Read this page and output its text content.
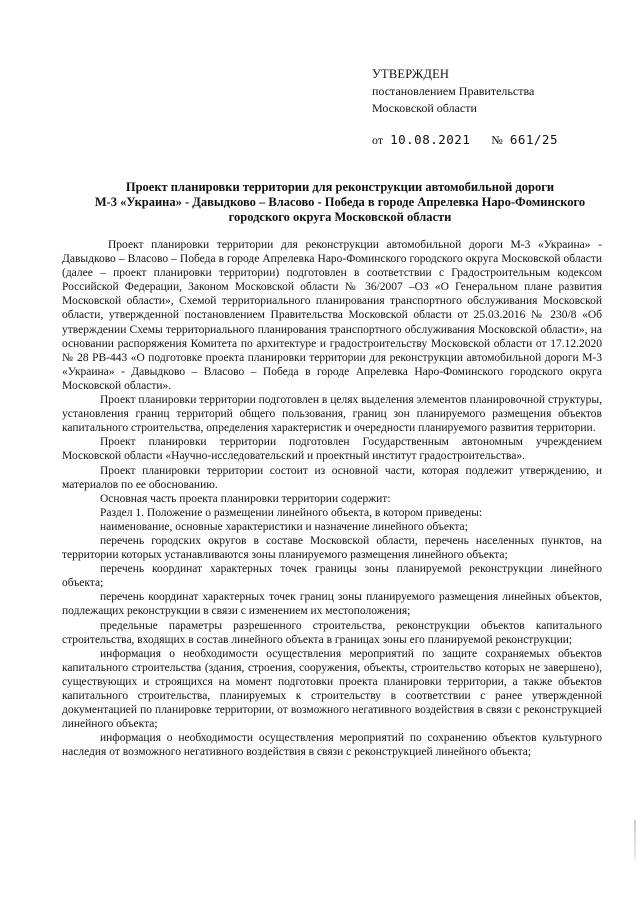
УТВЕРЖДЕН
постановлением Правительства
Московской области
от 10.08.2021 № 661/25
Проект планировки территории для реконструкции автомобильной дороги
М-3 «Украина» - Давыдково – Власово - Победа в городе Апрелевка Наро-Фоминского
городского округа Московской области

Проект планировки территории для реконструкции автомобильной дороги М-3 «Украина» - Давыдково – Власово – Победа в городе Апрелевка Наро-Фоминского городского округа Московской области (далее – проект планировки территории) подготовлен в соответствии с Градостроительным кодексом Российской Федерации, Законом Московской области № 36/2007 –ОЗ «О Генеральном плане развития Московской области», Схемой территориального планирования транспортного обслуживания Московской области, утвержденной постановлением Правительства Московской области от 25.03.2016 № 230/8 «Об утверждении Схемы территориального планирования транспортного обслуживания Московской области», на основании распоряжения Комитета по архитектуре и градостроительству Московской области от 17.12.2020 № 28 РВ-443 «О подготовке проекта планировки территории для реконструкции автомобильной дороги М-3 «Украина» - Давыдково – Власово – Победа в городе Апрелевка Наро-Фоминского городского округа Московской области».

Проект планировки территории подготовлен в целях выделения элементов планировочной структуры, установления границ территорий общего пользования, границ зон планируемого размещения объектов капитального строительства, определения характеристик и очередности планируемого развития территории.

Проект планировки территории подготовлен Государственным автономным учреждением Московской области «Научно-исследовательский и проектный институт градостроительства».

Проект планировки территории состоит из основной части, которая подлежит утверждению, и материалов по ее обоснованию.

Основная часть проекта планировки территории содержит:

Раздел 1. Положение о размещении линейного объекта, в котором приведены:

наименование, основные характеристики и назначение линейного объекта;

перечень городских округов в составе Московской области, перечень населенных пунктов, на территории которых устанавливаются зоны планируемого размещения линейного объекта;

перечень координат характерных точек границы зоны планируемой реконструкции линейного объекта;

перечень координат характерных точек границ зоны планируемого размещения линейных объектов, подлежащих реконструкции в связи с изменением их местоположения;

предельные параметры разрешенного строительства, реконструкции объектов капитального строительства, входящих в состав линейного объекта в границах зоны его планируемой реконструкции;

информация о необходимости осуществления мероприятий по защите сохраняемых объектов капитального строительства (здания, строения, сооружения, объекты, строительство которых не завершено), существующих и строящихся на момент подготовки проекта планировки территории, а также объектов капитального строительства, планируемых к строительству в соответствии с ранее утвержденной документацией по планировке территории, от возможного негативного воздействия в связи с реконструкцией линейного объекта;

информация о необходимости осуществления мероприятий по сохранению объектов культурного наследия от возможного негативного воздействия в связи с реконструкцией линейного объекта;
